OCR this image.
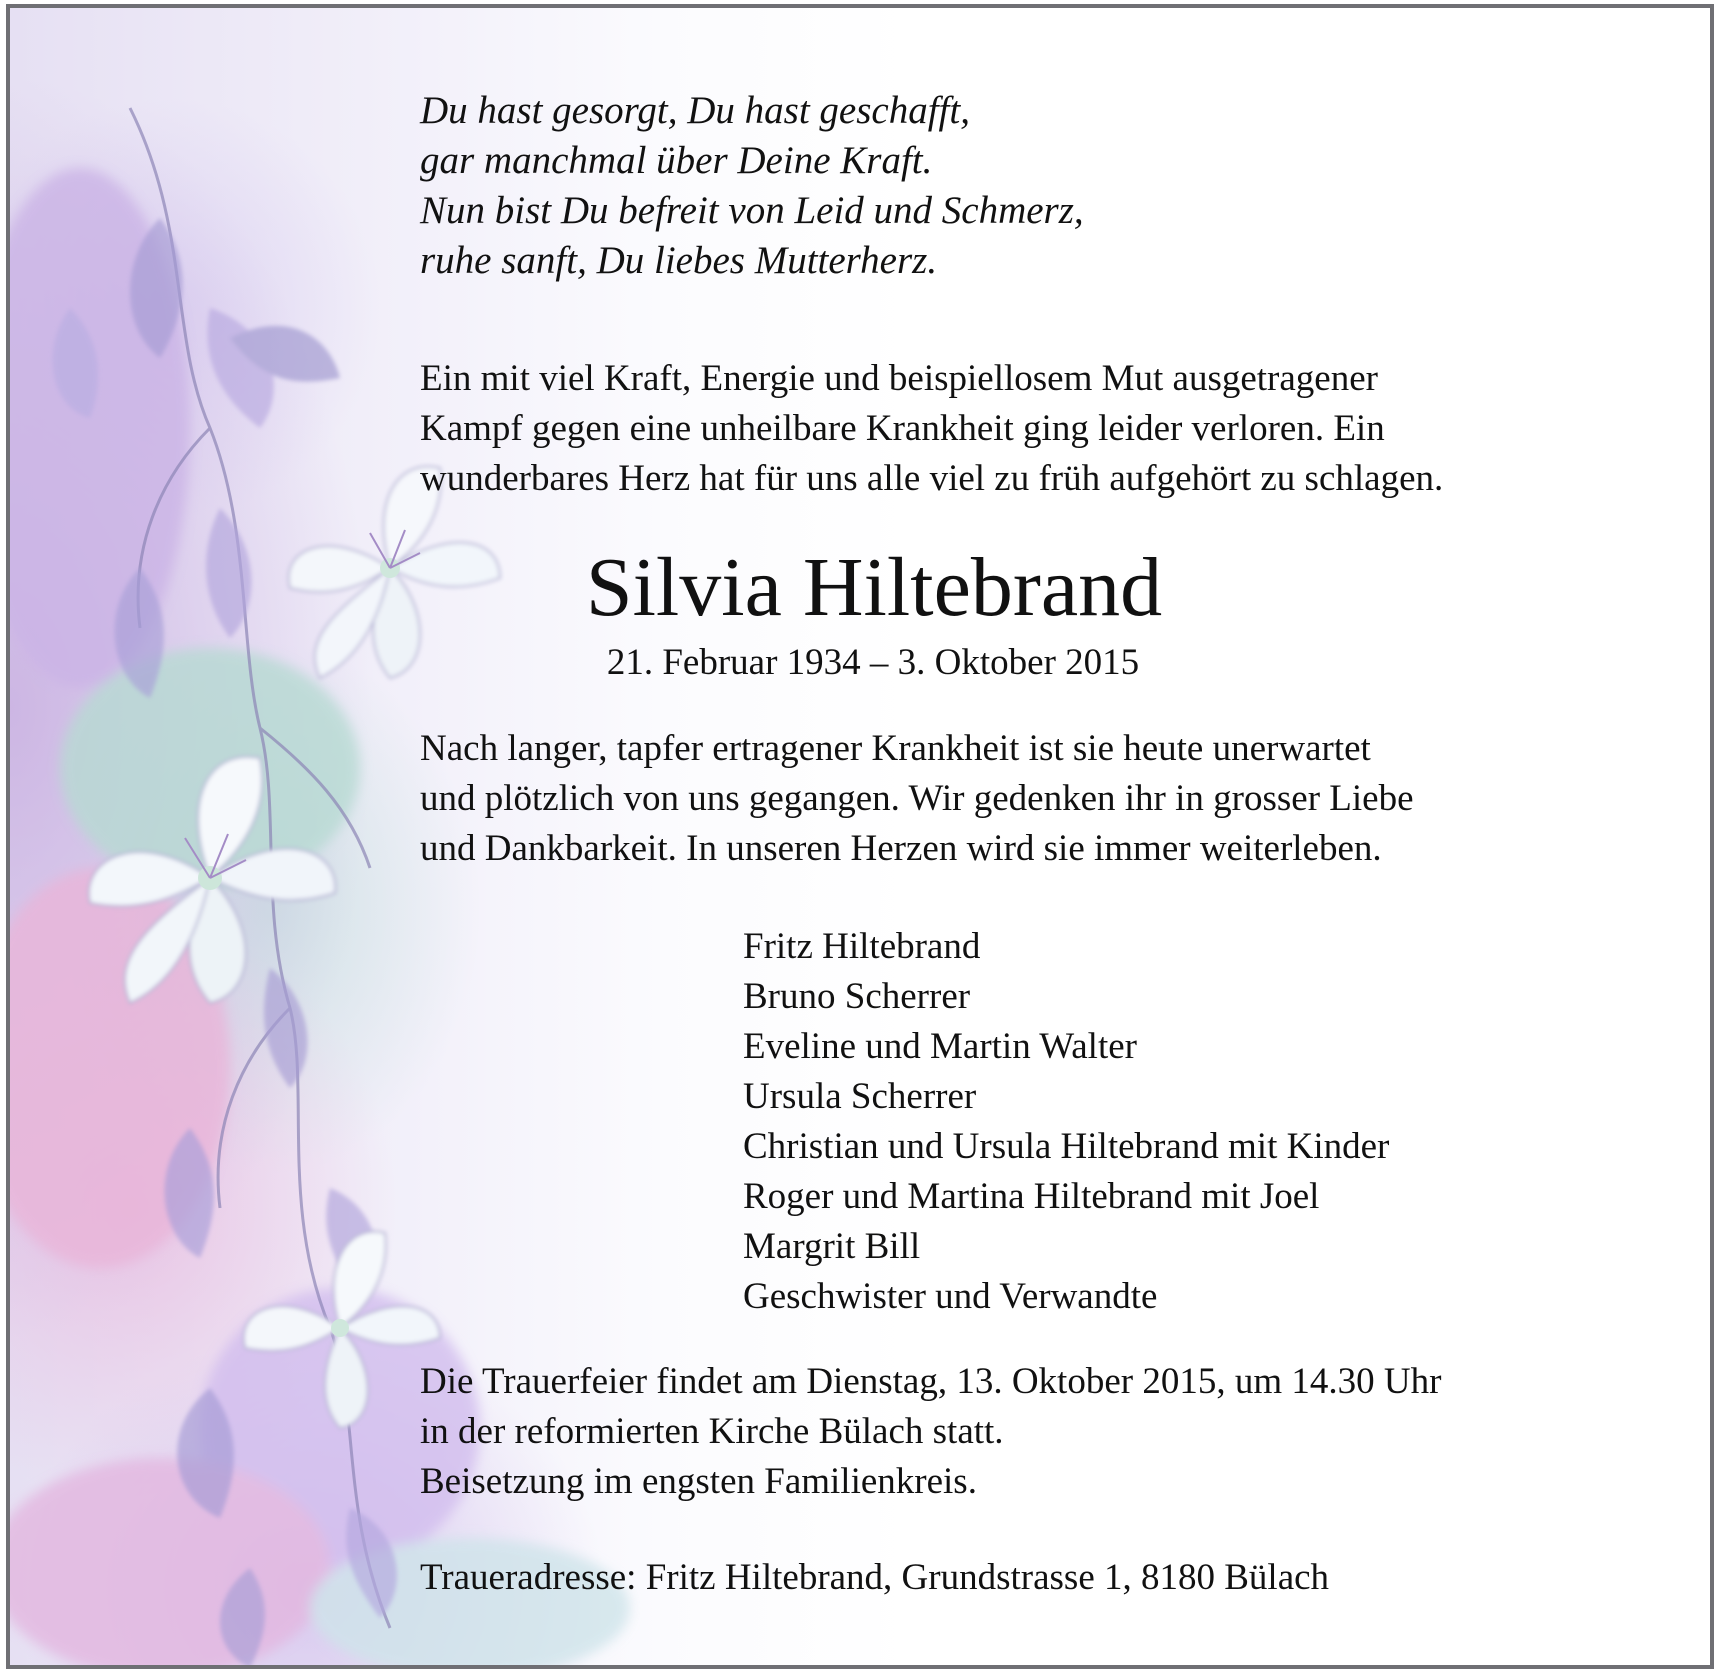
Du hast gesorgt, Du hast geschafft,
gar manchmal über Deine Kraft.
Nun bist Du befreit von Leid und Schmerz,
ruhe sanft, Du liebes Mutterherz.
Ein mit viel Kraft, Energie und beispiellosem Mut ausgetragener
Kampf gegen eine unheilbare Krankheit ging leider verloren. Ein
wunderbares Herz hat für uns alle viel zu früh aufgehört zu schlagen.
Silvia Hiltebrand
21. Februar 1934 – 3. Oktober 2015
Nach langer, tapfer ertragener Krankheit ist sie heute unerwartet
und plötzlich von uns gegangen. Wir gedenken ihr in grosser Liebe
und Dankbarkeit. In unseren Herzen wird sie immer weiterleben.
Fritz Hiltebrand
Bruno Scherrer
Eveline und Martin Walter
Ursula Scherrer
Christian und Ursula Hiltebrand mit Kinder
Roger und Martina Hiltebrand mit Joel
Margrit Bill
Geschwister und Verwandte
Die Trauerfeier findet am Dienstag, 13. Oktober 2015, um 14.30 Uhr
in der reformierten Kirche Bülach statt.
Beisetzung im engsten Familienkreis.
Traueradresse: Fritz Hiltebrand, Grundstrasse 1, 8180 Bülach
